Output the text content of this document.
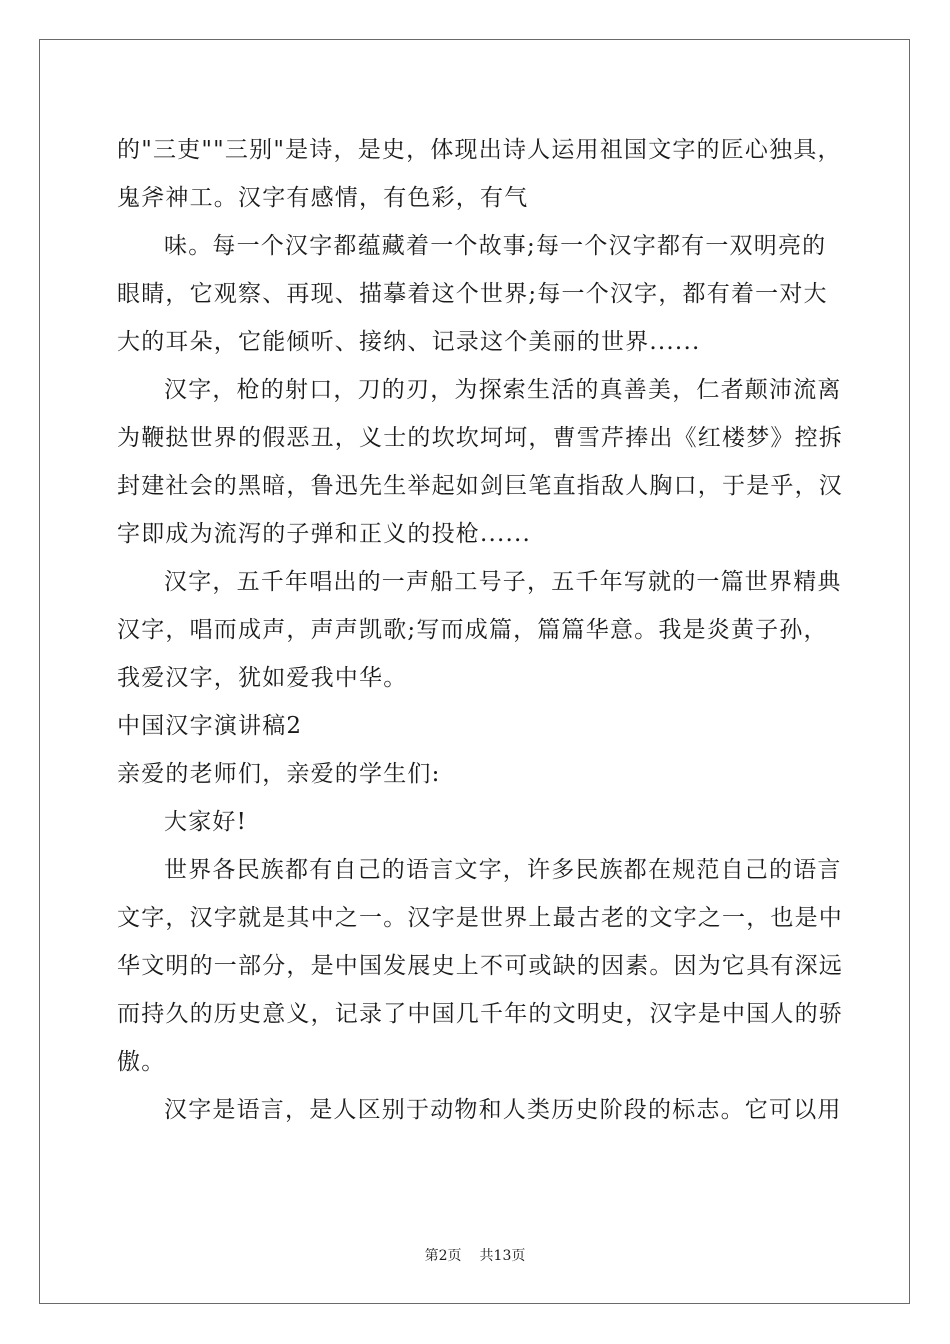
的"三吏""三别"是诗，是史，体现出诗人运用祖国文字的匠心独具，
鬼斧神工。汉字有感情，有色彩，有气
味。每一个汉字都蕴藏着一个故事;每一个汉字都有一双明亮的
眼睛，它观察、再现、描摹着这个世界;每一个汉字，都有着一对大
大的耳朵，它能倾听、接纳、记录这个美丽的世界......
汉字，枪的射口，刀的刃，为探索生活的真善美，仁者颠沛流离
为鞭挞世界的假恶丑，义士的坎坎坷坷，曹雪芹捧出《红楼梦》控拆
封建社会的黑暗，鲁迅先生举起如剑巨笔直指敌人胸口，于是乎，汉
字即成为流泻的子弹和正义的投枪......
汉字，五千年唱出的一声船工号子，五千年写就的一篇世界精典
汉字，唱而成声，声声凯歌;写而成篇，篇篇华意。我是炎黄子孙，
我爱汉字，犹如爱我中华。
中国汉字演讲稿2
亲爱的老师们，亲爱的学生们:
大家好!
世界各民族都有自己的语言文字，许多民族都在规范自己的语言
文字，汉字就是其中之一。汉字是世界上最古老的文字之一，也是中
华文明的一部分，是中国发展史上不可或缺的因素。因为它具有深远
而持久的历史意义，记录了中国几千年的文明史，汉字是中国人的骄
傲。
汉字是语言，是人区别于动物和人类历史阶段的标志。它可以用
第2页 共13页
